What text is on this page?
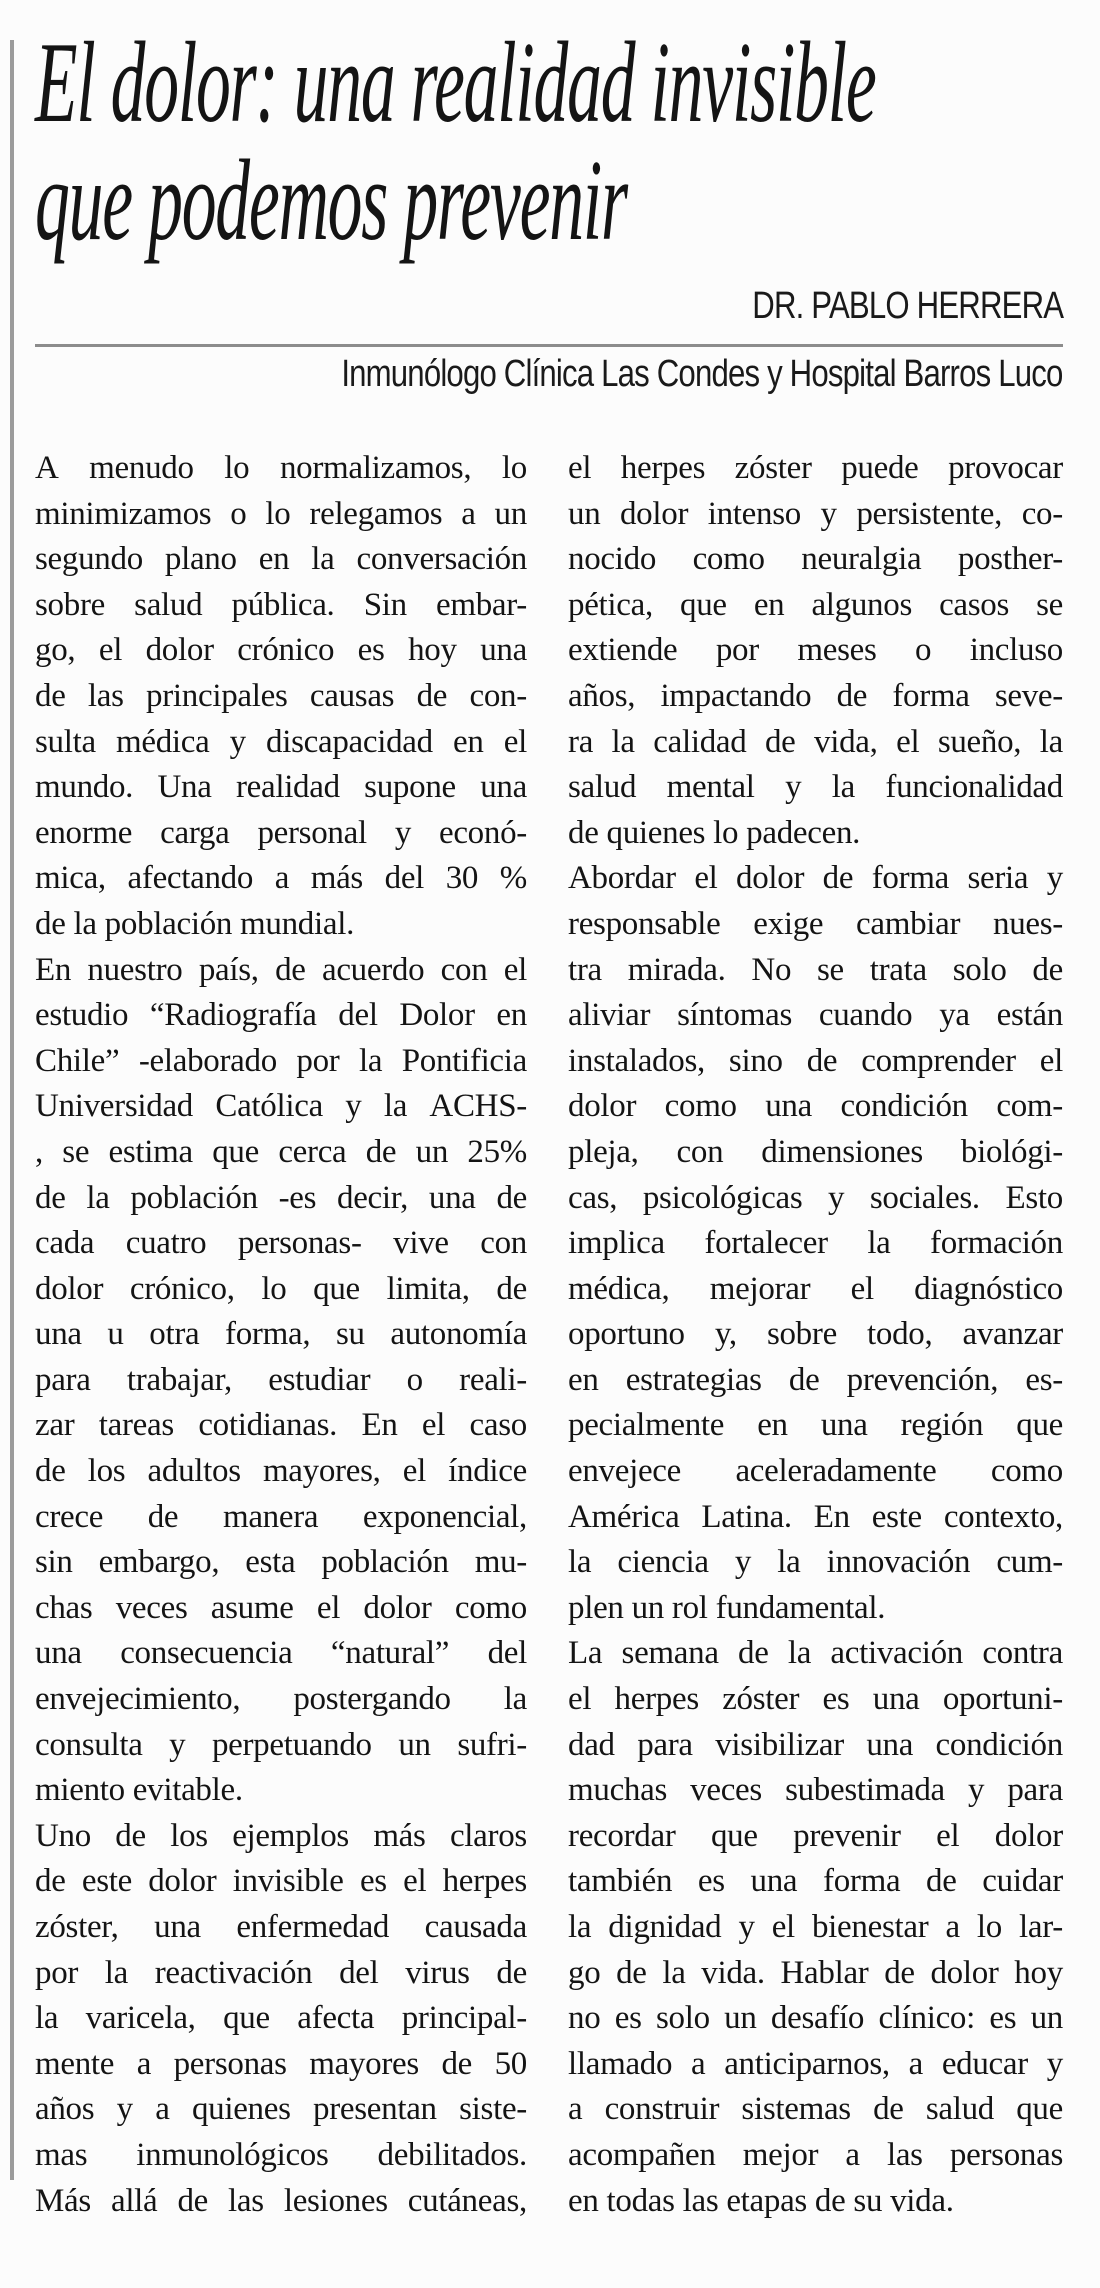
El dolor: una realidad invisible
que podemos prevenir
DR. PABLO HERRERA
Inmunólogo Clínica Las Condes y Hospital Barros Luco
A menudo lo normalizamos, lo
minimizamos o lo relegamos a un
segundo plano en la conversación
sobre salud pública. Sin embar-
go, el dolor crónico es hoy una
de las principales causas de con-
sulta médica y discapacidad en el
mundo. Una realidad supone una
enorme carga personal y econó-
mica, afectando a más del 30 %
de la población mundial.
En nuestro país, de acuerdo con el
estudio “Radiografía del Dolor en
Chile” -elaborado por la Pontificia
Universidad Católica y la ACHS-
, se estima que cerca de un 25%
de la población -es decir, una de
cada cuatro personas- vive con
dolor crónico, lo que limita, de
una u otra forma, su autonomía
para trabajar, estudiar o reali-
zar tareas cotidianas. En el caso
de los adultos mayores, el índice
crece de manera exponencial,
sin embargo, esta población mu-
chas veces asume el dolor como
una consecuencia “natural” del
envejecimiento, postergando la
consulta y perpetuando un sufri-
miento evitable.
Uno de los ejemplos más claros
de este dolor invisible es el herpes
zóster, una enfermedad causada
por la reactivación del virus de
la varicela, que afecta principal-
mente a personas mayores de 50
años y a quienes presentan siste-
mas inmunológicos debilitados.
Más allá de las lesiones cutáneas,
el herpes zóster puede provocar
un dolor intenso y persistente, co-
nocido como neuralgia posther-
pética, que en algunos casos se
extiende por meses o incluso
años, impactando de forma seve-
ra la calidad de vida, el sueño, la
salud mental y la funcionalidad
de quienes lo padecen.
Abordar el dolor de forma seria y
responsable exige cambiar nues-
tra mirada. No se trata solo de
aliviar síntomas cuando ya están
instalados, sino de comprender el
dolor como una condición com-
pleja, con dimensiones biológi-
cas, psicológicas y sociales. Esto
implica fortalecer la formación
médica, mejorar el diagnóstico
oportuno y, sobre todo, avanzar
en estrategias de prevención, es-
pecialmente en una región que
envejece aceleradamente como
América Latina. En este contexto,
la ciencia y la innovación cum-
plen un rol fundamental.
La semana de la activación contra
el herpes zóster es una oportuni-
dad para visibilizar una condición
muchas veces subestimada y para
recordar que prevenir el dolor
también es una forma de cuidar
la dignidad y el bienestar a lo lar-
go de la vida. Hablar de dolor hoy
no es solo un desafío clínico: es un
llamado a anticiparnos, a educar y
a construir sistemas de salud que
acompañen mejor a las personas
en todas las etapas de su vida.
